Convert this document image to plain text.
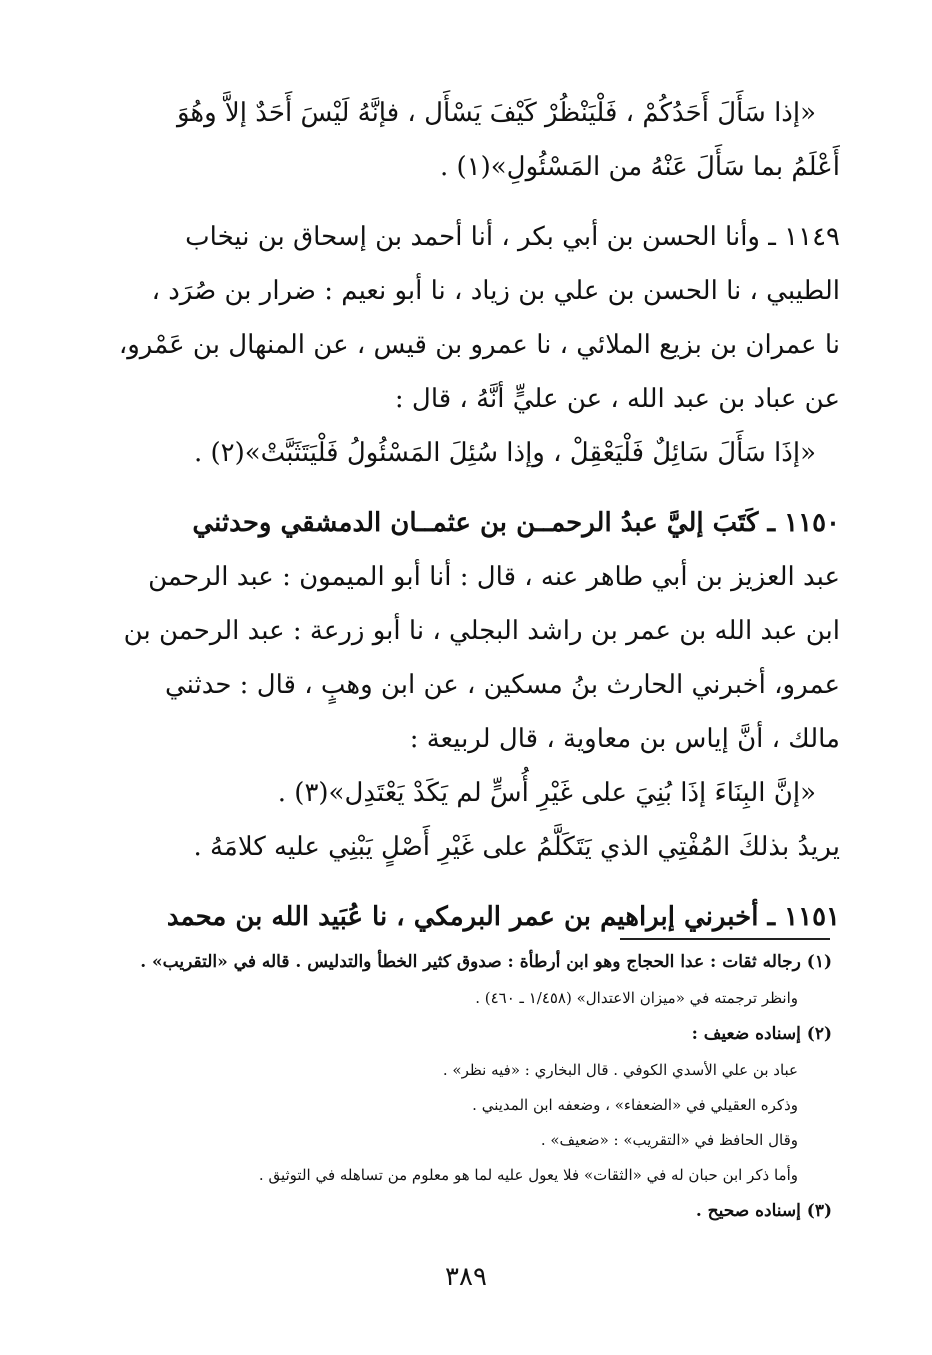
«إذا سَأَلَ أَحَدُكُمْ ، فَلْيَنْظُرْ كَيْفَ يَسْأَل ، فإنَّهُ لَيْسَ أَحَدٌ إلاَّ وهُوَ
أَعْلَمُ بما سَأَلَ عَنْهُ من المَسْئُولِ»(١) .
١١٤٩ ـ وأنا الحسن بن أبي بكر ، أنا أحمد بن إسحاق بن نيخاب
الطيبي ، نا الحسن بن علي بن زياد ، نا أبو نعيم : ضرار بن صُرَد ،
نا عمران بن بزيع الملائي ، نا عمرو بن قيس ، عن المنهال بن عَمْرو،
عن عباد بن عبد الله ، عن عليٍّ أنَّهُ ، قال :
«إذَا سَأَلَ سَائِلٌ فَلْيَعْقِلْ ، وإذا سُئِلَ المَسْئُولُ فَلْيَتَثَبَّتْ»(٢) .
١١٥٠ ـ كَتَبَ إليَّ عبدُ الرحمــن بن عثمــان الدمشقي وحدثني
عبد العزيز بن أبي طاهر عنه ، قال : أنا أبو الميمون : عبد الرحمن
ابن عبد الله بن عمر بن راشد البجلي ، نا أبو زرعة : عبد الرحمن بن
عمرو، أخبرني الحارث بنُ مسكين ، عن ابن وهبٍ ، قال : حدثني
مالك ، أنَّ إياس بن معاوية ، قال لربيعة :
«إنَّ البِنَاءَ إذَا بُنِيَ على غَيْرِ أُسٍّ لم يَكَدْ يَعْتَدِل»(٣) .
يريدُ بذلكَ المُفْتِي الذي يَتَكَلَّمُ على غَيْرِ أَصْلٍ يَبْنِي عليه كلامَهُ .
١١٥١ ـ أخبرني إبراهيم بن عمر البرمكي ، نا عُبَيد الله بن محمد
(١) رجاله ثقات : عدا الحجاج وهو ابن أرطأة : صدوق كثير الخطأ والتدليس . قاله في «التقريب» .
وانظر ترجمته في «ميزان الاعتدال» (١/٤٥٨ ـ ٤٦٠) .
(٢) إسناده ضعيف :
عباد بن علي الأسدي الكوفي . قال البخاري : «فيه نظر» .
وذكره العقيلي في «الضعفاء» ، وضعفه ابن المديني .
وقال الحافظ في «التقريب» : «ضعيف» .
وأما ذكر ابن حبان له في «الثقات» فلا يعول عليه لما هو معلوم من تساهله في التوثيق .
(٣) إسناده صحيح .
٣٨٩
